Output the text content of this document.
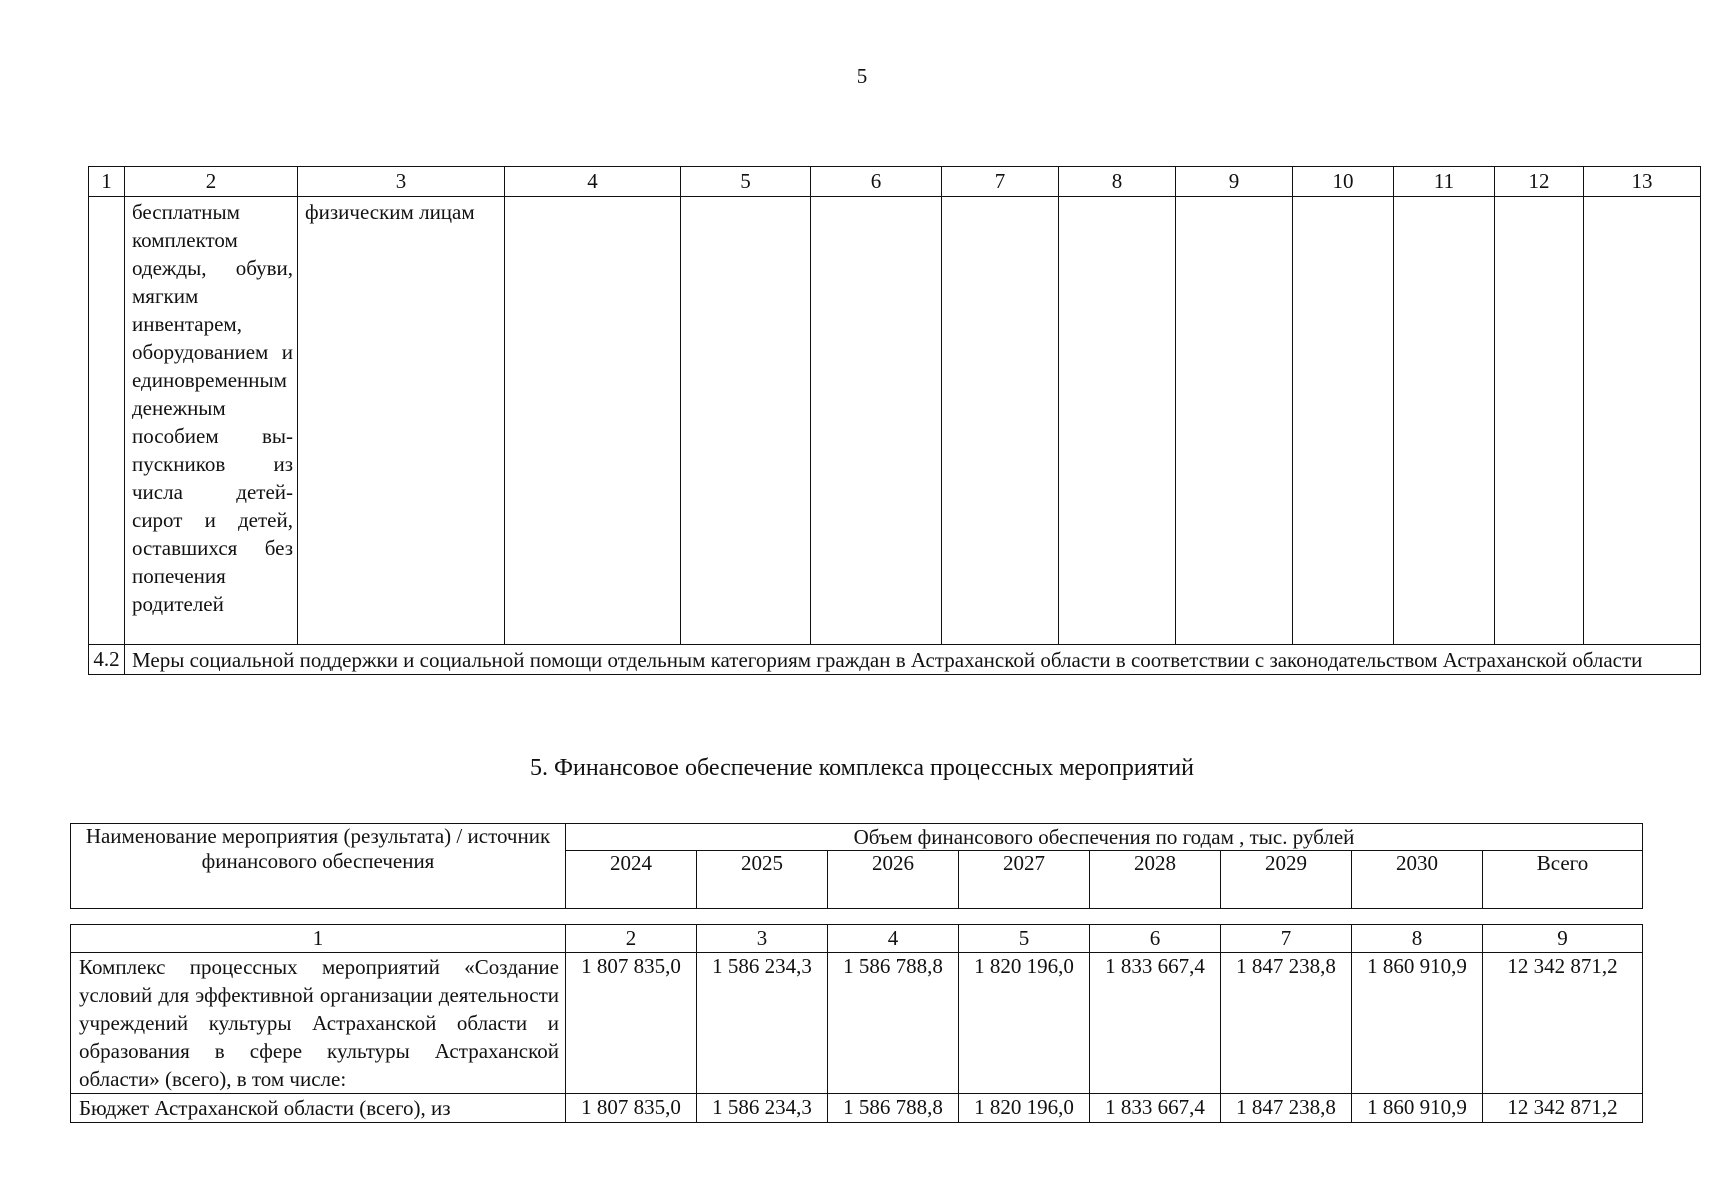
5
1	2	3	4	5	6	7	8	9	10	11	12	13

	бесплатным комплектом одежды, обуви, мягким инвентарем, оборудованием и единовременным денежным пособием выпускников из числа детей-сирот и детей, оставшихся без попечения родителей	физическим лицам										

4.2	Меры социальной поддержки и социальной помощи отдельным категориям граждан в Астраханской области в соответствии с законодательством Астраханской области											
5. Финансовое обеспечение комплекса процессных мероприятий
Наименование мероприятия (результата) / источник финансового обеспечения	Объем финансового обеспечения по годам , тыс. рублей							
	2024	2025	2026	2027	2028	2029	2030	Всего
1	2	3	4	5	6	7	8	9
Комплекс процессных мероприятий «Создание условий для эффективной организации деятельности учреждений культуры Астраханской области и образования в сфере культуры Астраханской области» (всего), в том числе:	1 807 835,0	1 586 234,3	1 586 788,8	1 820 196,0	1 833 667,4	1 847 238,8	1 860 910,9	12 342 871,2
Бюджет Астраханской области (всего), из	1 807 835,0	1 586 234,3	1 586 788,8	1 820 196,0	1 833 667,4	1 847 238,8	1 860 910,9	12 342 871,2
